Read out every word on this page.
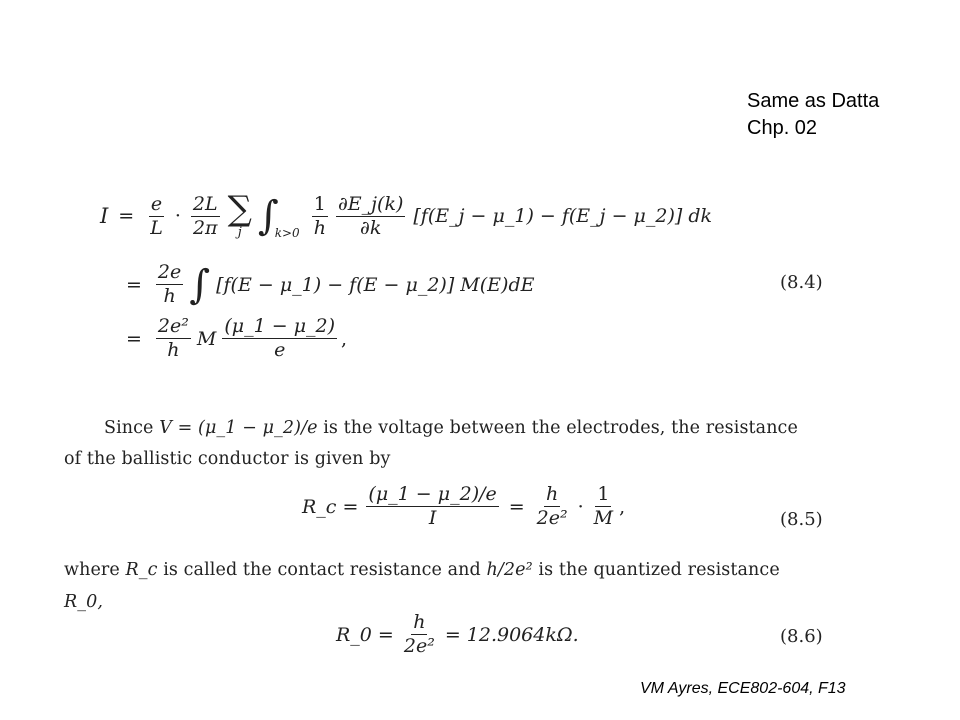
Same as Datta
Chp. 02
$I = \frac{e}{L} \cdot \frac{2L}{2\pi}$ ∑
j ∫
$k>0 \frac{1}{h} \frac{\partial E\_j(k)}{\partial k}$ [f(E_j − μ_1) − f(E_j − μ_2)] dk
= $\frac{2e}{h}$ ∫ [f(E − μ_1) − f(E − μ_2)] M(E)dE	(8.4)
= $\frac{\text{2e²}}{h}$ M $\frac{(\mu\_1 - \mu\_2)}{e}$ ,
Since V = (μ_1 − μ_2)/e is the voltage between the electrodes, the resistance
of the ballistic conductor is given by
R_c = $\frac{(\mu\_1 - \mu\_2)/e}{I} = \frac{h}{\text{2e²}} \cdot \frac{1}{M}$ ,
(8.5)
where R_c is called the contact resistance and h/2e² is the quantized resistance
R_0,
R_0 = $\frac{h}{\text{2e²}} = 12.9064k\Omega$.	(8.6)
VM Ayres, ECE802-604, F13
